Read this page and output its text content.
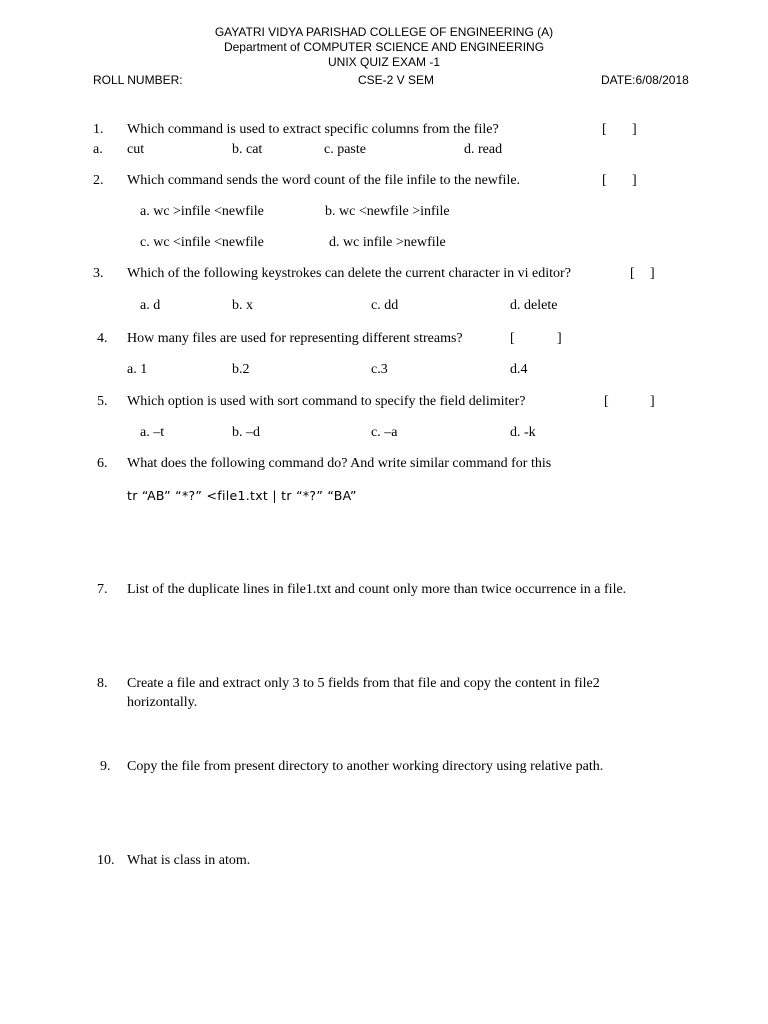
GAYATRI VIDYA PARISHAD COLLEGE OF ENGINEERING (A)
Department of COMPUTER SCIENCE AND ENGINEERING
UNIX QUIZ EXAM -1
ROLL NUMBER:	CSE-2 V SEM	DATE:6/08/2018
1. Which command is used to extract specific columns from the file?	[ ]
a. cut	b. cat	c. paste	d. read
2. Which command sends the word count of the file infile to the newfile.	[ ]
a. wc >infile <newfile	b. wc <newfile >infile
c. wc <infile <newfile	d. wc infile >newfile
3. Which of the following keystrokes can delete the current character in vi editor?	[ ]
a. d	b. x	c. dd	d. delete
4. How many files are used for representing different streams?	[	]
a. 1	b.2	c.3	d.4
5. Which option is used with sort command to specify the field delimiter?	[	]
a. –t	b. –d	c. –a	d. -k
6. What does the following command do? And write similar command for this
tr “AB” “*?” <file1.txt | tr “*?” “BA”
7. List of the duplicate lines in file1.txt and count only more than twice occurrence in a file.
8. Create a file and extract only 3 to 5 fields from that file and copy the content in file2
horizontally.
9. Copy the file from present directory to another working directory using relative path.
10. What is class in atom.
